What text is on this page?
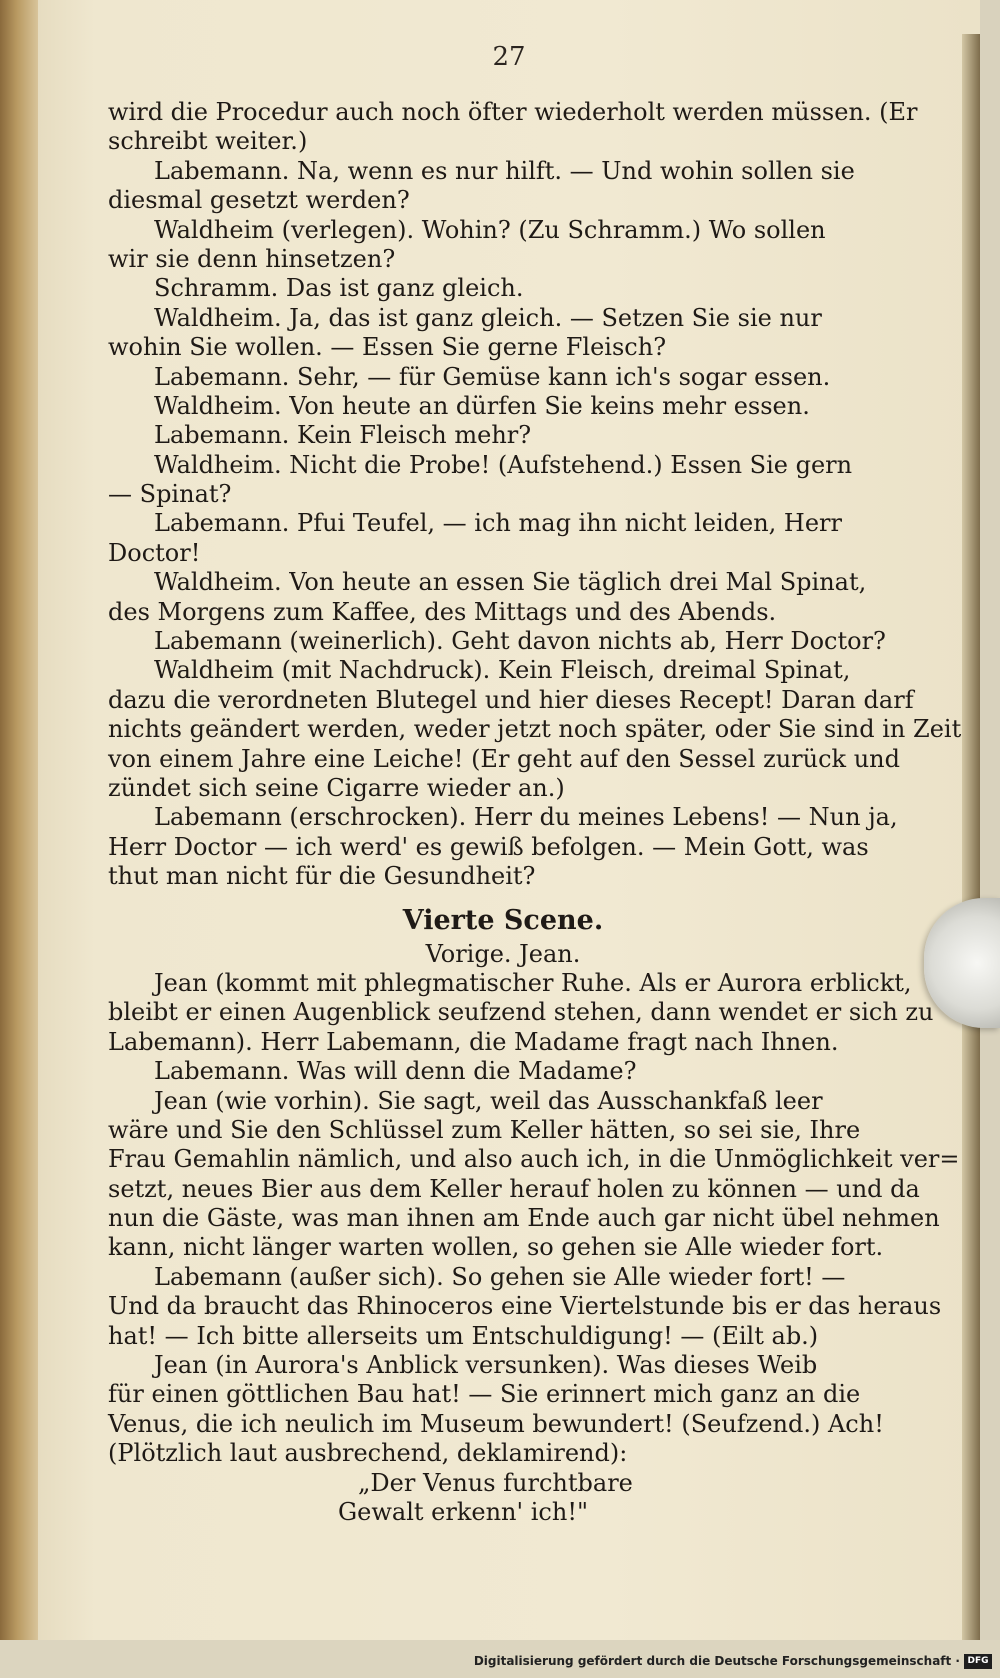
27
wird die Procedur auch noch öfter wiederholt werden müssen. (Er
schreibt weiter.)
Labemann. Na, wenn es nur hilft. — Und wohin sollen sie
diesmal gesetzt werden?
Waldheim (verlegen). Wohin? (Zu Schramm.) Wo sollen
wir sie denn hinsetzen?
Schramm. Das ist ganz gleich.
Waldheim. Ja, das ist ganz gleich. — Setzen Sie sie nur
wohin Sie wollen. — Essen Sie gerne Fleisch?
Labemann. Sehr, — für Gemüse kann ich's sogar essen.
Waldheim. Von heute an dürfen Sie keins mehr essen.
Labemann. Kein Fleisch mehr?
Waldheim. Nicht die Probe! (Aufstehend.) Essen Sie gern
— Spinat?
Labemann. Pfui Teufel, — ich mag ihn nicht leiden, Herr
Doctor!
Waldheim. Von heute an essen Sie täglich drei Mal Spinat,
des Morgens zum Kaffee, des Mittags und des Abends.
Labemann (weinerlich). Geht davon nichts ab, Herr Doctor?
Waldheim (mit Nachdruck). Kein Fleisch, dreimal Spinat,
dazu die verordneten Blutegel und hier dieses Recept! Daran darf
nichts geändert werden, weder jetzt noch später, oder Sie sind in Zeit
von einem Jahre eine Leiche! (Er geht auf den Sessel zurück und
zündet sich seine Cigarre wieder an.)
Labemann (erschrocken). Herr du meines Lebens! — Nun ja,
Herr Doctor — ich werd' es gewiß befolgen. — Mein Gott, was
thut man nicht für die Gesundheit?
Vierte Scene.
Vorige. Jean.
Jean (kommt mit phlegmatischer Ruhe. Als er Aurora erblickt,
bleibt er einen Augenblick seufzend stehen, dann wendet er sich zu
Labemann). Herr Labemann, die Madame fragt nach Ihnen.
Labemann. Was will denn die Madame?
Jean (wie vorhin). Sie sagt, weil das Ausschankfaß leer
wäre und Sie den Schlüssel zum Keller hätten, so sei sie, Ihre
Frau Gemahlin nämlich, und also auch ich, in die Unmöglichkeit ver=
setzt, neues Bier aus dem Keller herauf holen zu können — und da
nun die Gäste, was man ihnen am Ende auch gar nicht übel nehmen
kann, nicht länger warten wollen, so gehen sie Alle wieder fort.
Labemann (außer sich). So gehen sie Alle wieder fort! —
Und da braucht das Rhinoceros eine Viertelstunde bis er das heraus
hat! — Ich bitte allerseits um Entschuldigung! — (Eilt ab.)
Jean (in Aurora's Anblick versunken). Was dieses Weib
für einen göttlichen Bau hat! — Sie erinnert mich ganz an die
Venus, die ich neulich im Museum bewundert! (Seufzend.) Ach!
(Plötzlich laut ausbrechend, deklamirend):
„Der Venus furchtbare
Gewalt erkenn' ich!"
Digitalisierung gefördert durch die Deutsche Forschungsgemeinschaft · DFG
